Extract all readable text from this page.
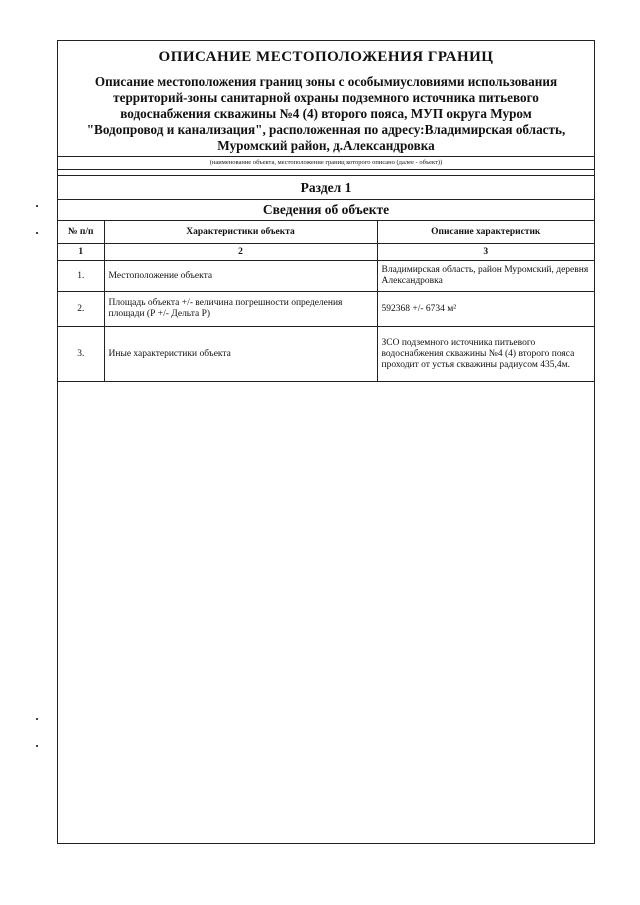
ОПИСАНИЕ МЕСТОПОЛОЖЕНИЯ ГРАНИЦ
Описание местоположения границ зоны с особымиусловиями использования
территорий-зоны санитарной охраны подземного источника питьевого
водоснабжения скважины №4 (4) второго пояса, МУП округа Муром
"Водопровод и канализация", расположенная по адресу:Владимирская область,
Муромский район, д.Александровка
(наименование объекта, местоположение границ которого описано (далее - объект))
Раздел 1
Сведения об объекте
№ п/п	Характеристики объекта	Описание характеристик
1	2	3
1.	Местоположение объекта	Владимирская область, район Муромский, деревня Александровка
2.	Площадь объекта +/- величина погрешности определения площади (Р +/- Дельта Р)	592368 +/- 6734 м²
3.	Иные характеристики объекта	ЗСО подземного источника питьевого водоснабжения скважины №4 (4) второго пояса проходит от устья скважины радиусом 435,4м.
